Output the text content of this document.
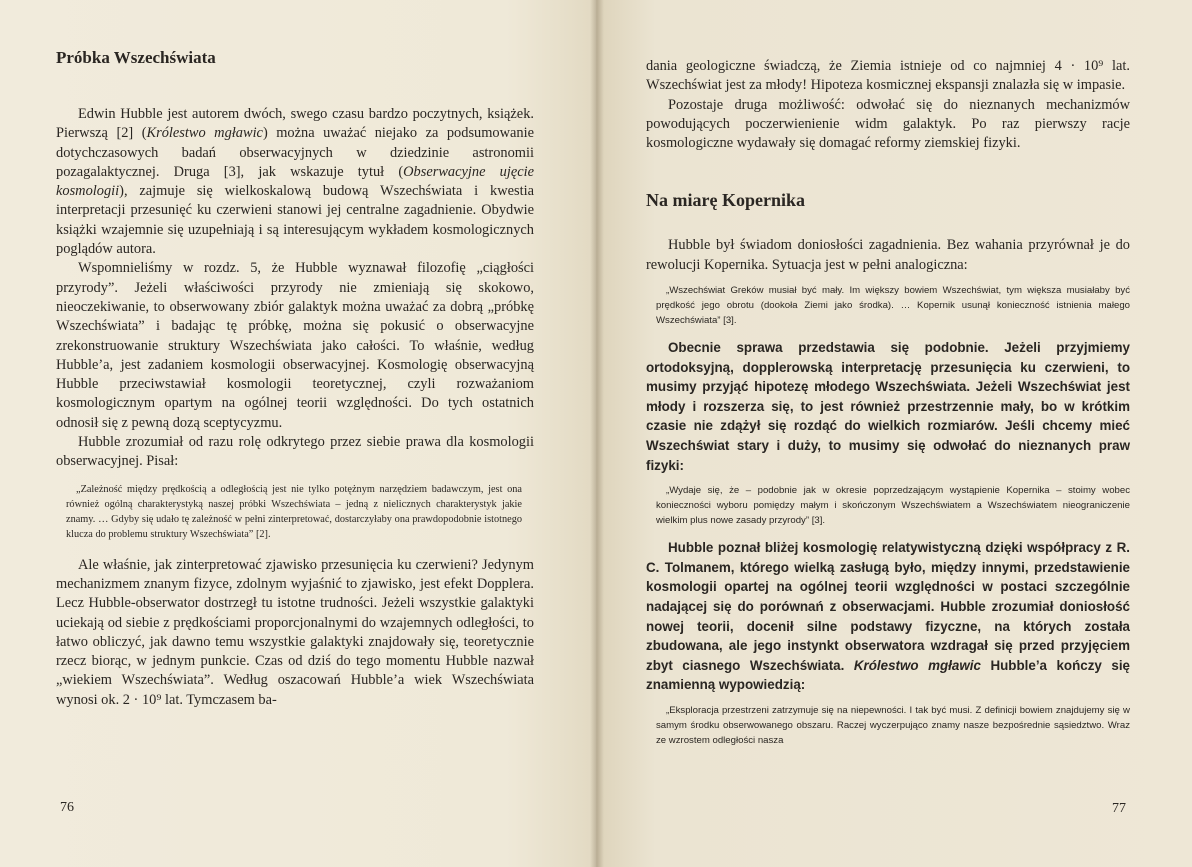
Próbka Wszechświata

Edwin Hubble jest autorem dwóch, swego czasu bardzo poczytnych, książek. Pierwszą [2] (Królestwo mgławic) można uważać niejako za podsumowanie dotychczasowych badań obserwacyjnych w dziedzinie astronomii pozagalaktycznej. Druga [3], jak wskazuje tytuł (Obserwacyjne ujęcie kosmologii), zajmuje się wielkoskalową budową Wszechświata i kwestia interpretacji przesunięć ku czerwieni stanowi jej centralne zagadnienie. Obydwie książki wzajemnie się uzupełniają i są interesującym wykładem kosmologicznych poglądów autora.

Wspomnieliśmy w rozdz. 5, że Hubble wyznawał filozofię „ciągłości przyrody”. Jeżeli właściwości przyrody nie zmieniają się skokowo, nieoczekiwanie, to obserwowany zbiór galaktyk można uważać za dobrą „próbkę Wszechświata” i badając tę próbkę, można się pokusić o obserwacyjne zrekonstruowanie struktury Wszechświata jako całości. To właśnie, według Hubble’a, jest zadaniem kosmologii obserwacyjnej. Kosmologię obserwacyjną Hubble przeciwstawiał kosmologii teoretycznej, czyli rozważaniom kosmologicznym opartym na ogólnej teorii względności. Do tych ostatnich odnosił się z pewną dozą sceptycyzmu.

Hubble zrozumiał od razu rolę odkrytego przez siebie prawa dla kosmologii obserwacyjnej. Pisał:

„Zależność między prędkością a odległością jest nie tylko potężnym narzędziem badawczym, jest ona również ogólną charakterystyką naszej próbki Wszechświata – jedną z nielicznych charakterystyk jakie znamy. … Gdyby się udało tę zależność w pełni zinterpretować, dostarczyłaby ona prawdopodobnie istotnego klucza do problemu struktury Wszechświata” [2].

Ale właśnie, jak zinterpretować zjawisko przesunięcia ku czerwieni? Jedynym mechanizmem znanym fizyce, zdolnym wyjaśnić to zjawisko, jest efekt Dopplera. Lecz Hubble-obserwator dostrzegł tu istotne trudności. Jeżeli wszystkie galaktyki uciekają od siebie z prędkościami proporcjonalnymi do wzajemnych odległości, to łatwo obliczyć, jak dawno temu wszystkie galaktyki znajdowały się, teoretycznie rzecz biorąc, w jednym punkcie. Czas od dziś do tego momentu Hubble nazwał „wiekiem Wszechświata”. Według oszacowań Hubble’a wiek Wszechświata wynosi ok. 2 · 10⁹ lat. Tymczasem ba-

76

dania geologiczne świadczą, że Ziemia istnieje od co najmniej 4 · 10⁹ lat. Wszechświat jest za młody! Hipoteza kosmicznej ekspansji znalazła się w impasie.

Pozostaje druga możliwość: odwołać się do nieznanych mechanizmów powodujących poczerwienienie widm galaktyk. Po raz pierwszy racje kosmologiczne wydawały się domagać reformy ziemskiej fizyki.

Na miarę Kopernika

Hubble był świadom doniosłości zagadnienia. Bez wahania przyrównał je do rewolucji Kopernika. Sytuacja jest w pełni analogiczna:

„Wszechświat Greków musiał być mały. Im większy bowiem Wszechświat, tym większa musiałaby być prędkość jego obrotu (dookoła Ziemi jako środka). … Kopernik usunął konieczność istnienia małego Wszechświata” [3].

Obecnie sprawa przedstawia się podobnie. Jeżeli przyjmiemy ortodoksyjną, dopplerowską interpretację przesunięcia ku czerwieni, to musimy przyjąć hipotezę młodego Wszechświata. Jeżeli Wszechświat jest młody i rozszerza się, to jest również przestrzennie mały, bo w krótkim czasie nie zdążył się rozdąć do wielkich rozmiarów. Jeśli chcemy mieć Wszechświat stary i duży, to musimy się odwołać do nieznanych praw fizyki:

„Wydaje się, że – podobnie jak w okresie poprzedzającym wystąpienie Kopernika – stoimy wobec konieczności wyboru pomiędzy małym i skończonym Wszechświatem a Wszechświatem nieograniczenie wielkim plus nowe zasady przyrody” [3].

Hubble poznał bliżej kosmologię relatywistyczną dzięki współpracy z R. C. Tolmanem, którego wielką zasługą było, między innymi, przedstawienie kosmologii opartej na ogólnej teorii względności w postaci szczególnie nadającej się do porównań z obserwacjami. Hubble zrozumiał doniosłość nowej teorii, docenił silne podstawy fizyczne, na których została zbudowana, ale jego instynkt obserwatora wzdragał się przed przyjęciem zbyt ciasnego Wszechświata. Królestwo mgławic Hubble’a kończy się znamienną wypowiedzią:

„Eksploracja przestrzeni zatrzymuje się na niepewności. I tak być musi. Z definicji bowiem znajdujemy się w samym środku obserwowanego obszaru. Raczej wyczerpująco znamy nasze bezpośrednie sąsiedztwo. Wraz ze wzrostem odległości nasza

77
